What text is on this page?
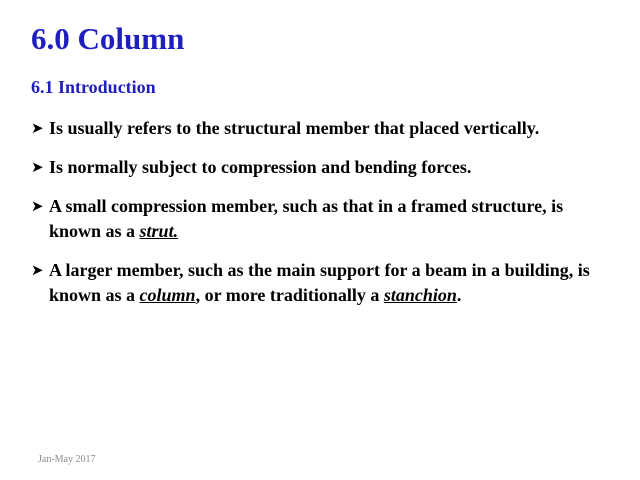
6.0 Column
6.1 Introduction
➤ Is usually refers to the structural member that placed vertically.
➤ Is normally subject to compression and bending forces.
➤ A small compression member, such as that in a framed structure, is known as a strut.
➤ A larger member, such as the main support for a beam in a building, is known as a column, or more traditionally a stanchion.
Jan-May 2017
